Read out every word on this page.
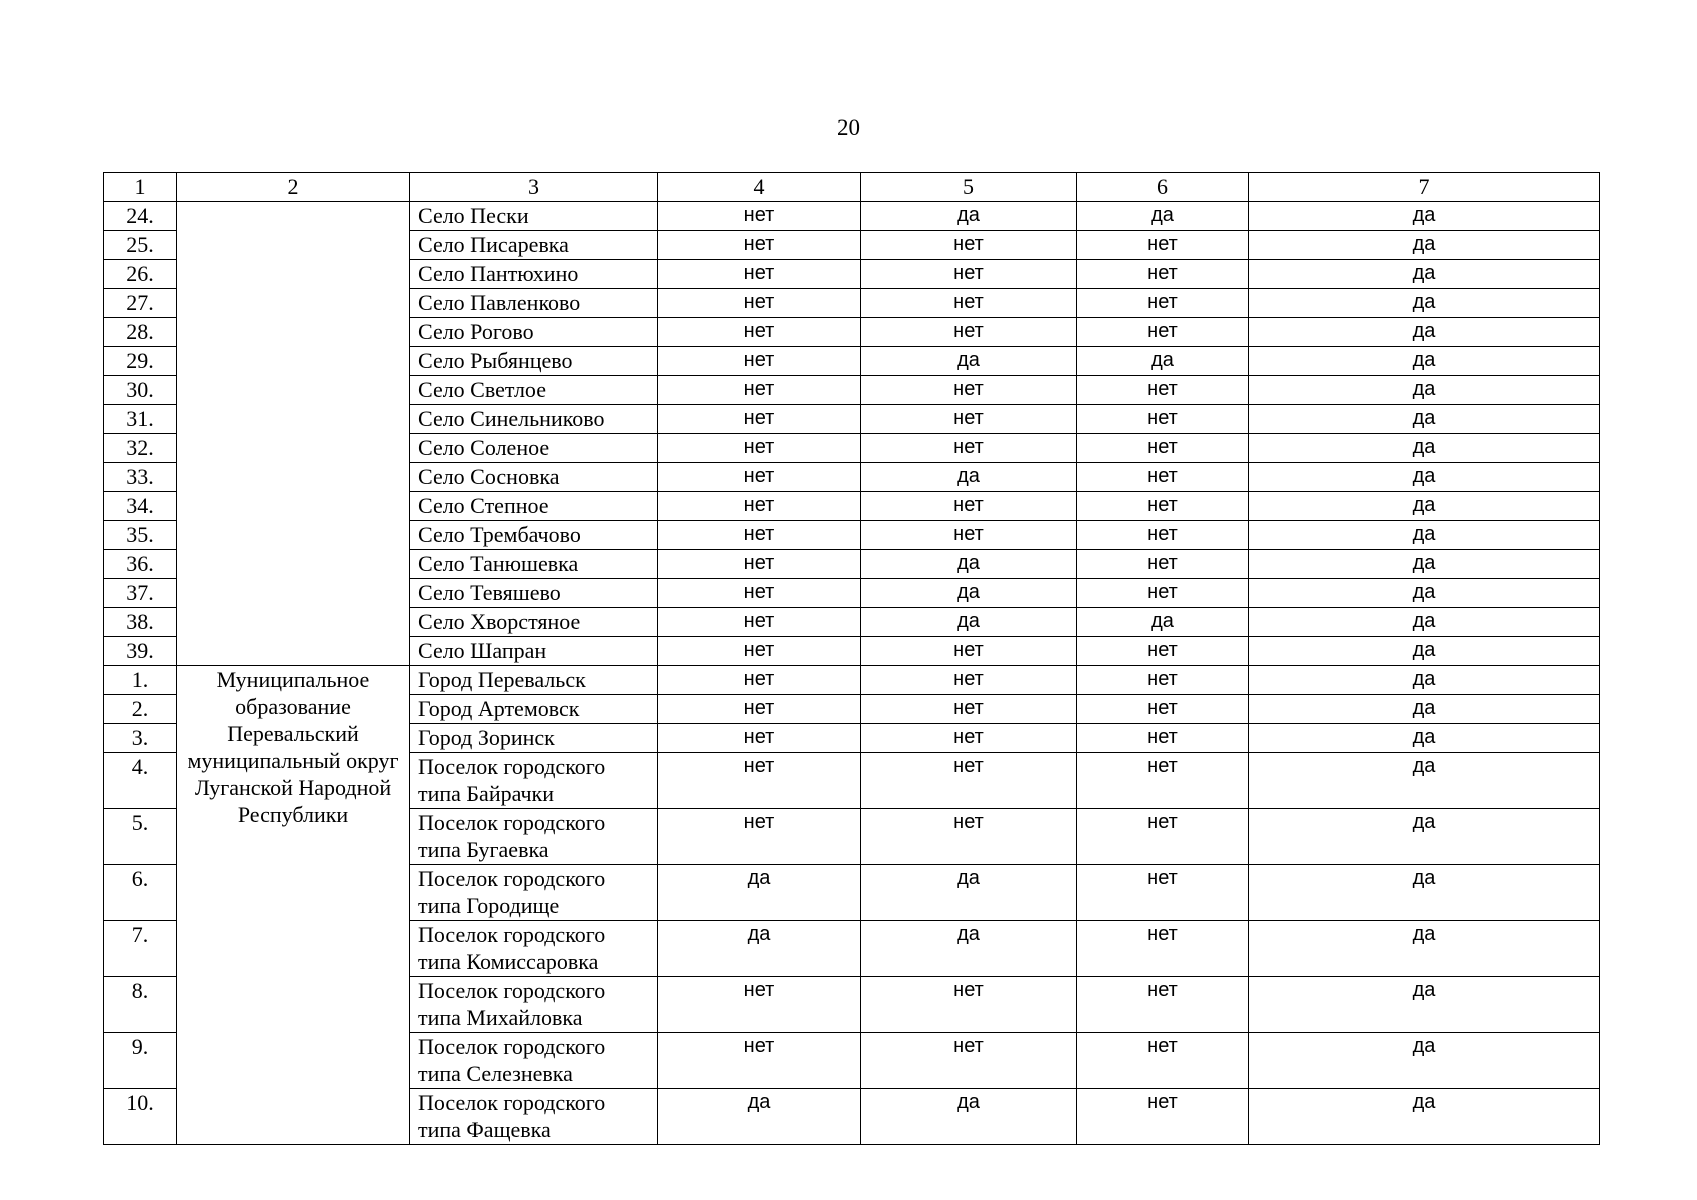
20
1	2	3	4	5	6	7
24.		Село Пески	нет	да	да	да
25.		Село Писаревка	нет	нет	нет	да
26.		Село Пантюхино	нет	нет	нет	да
27.		Село Павленково	нет	нет	нет	да
28.		Село Рогово	нет	нет	нет	да
29.		Село Рыбянцево	нет	да	да	да
30.		Село Светлое	нет	нет	нет	да
31.		Село Синельниково	нет	нет	нет	да
32.		Село Соленое	нет	нет	нет	да
33.		Село Сосновка	нет	да	нет	да
34.		Село Степное	нет	нет	нет	да
35.		Село Трембачово	нет	нет	нет	да
36.		Село Танюшевка	нет	да	нет	да
37.		Село Тевяшево	нет	да	нет	да
38.		Село Хворстяное	нет	да	да	да
39.		Село Шапран	нет	нет	нет	да
1.	Муниципальное образование Перевальский муниципальный округ Луганской Народной Республики	Город Перевальск	нет	нет	нет	да
2.		Город Артемовск	нет	нет	нет	да
3.		Город Зоринск	нет	нет	нет	да
4.		Поселок городского типа Байрачки	нет	нет	нет	да
5.		Поселок городского типа Бугаевка	нет	нет	нет	да
6.		Поселок городского типа Городище	да	да	нет	да
7.		Поселок городского типа Комиссаровка	да	да	нет	да
8.		Поселок городского типа Михайловка	нет	нет	нет	да
9.		Поселок городского типа Селезневка	нет	нет	нет	да
10.		Поселок городского типа Фащевка	да	да	нет	да
